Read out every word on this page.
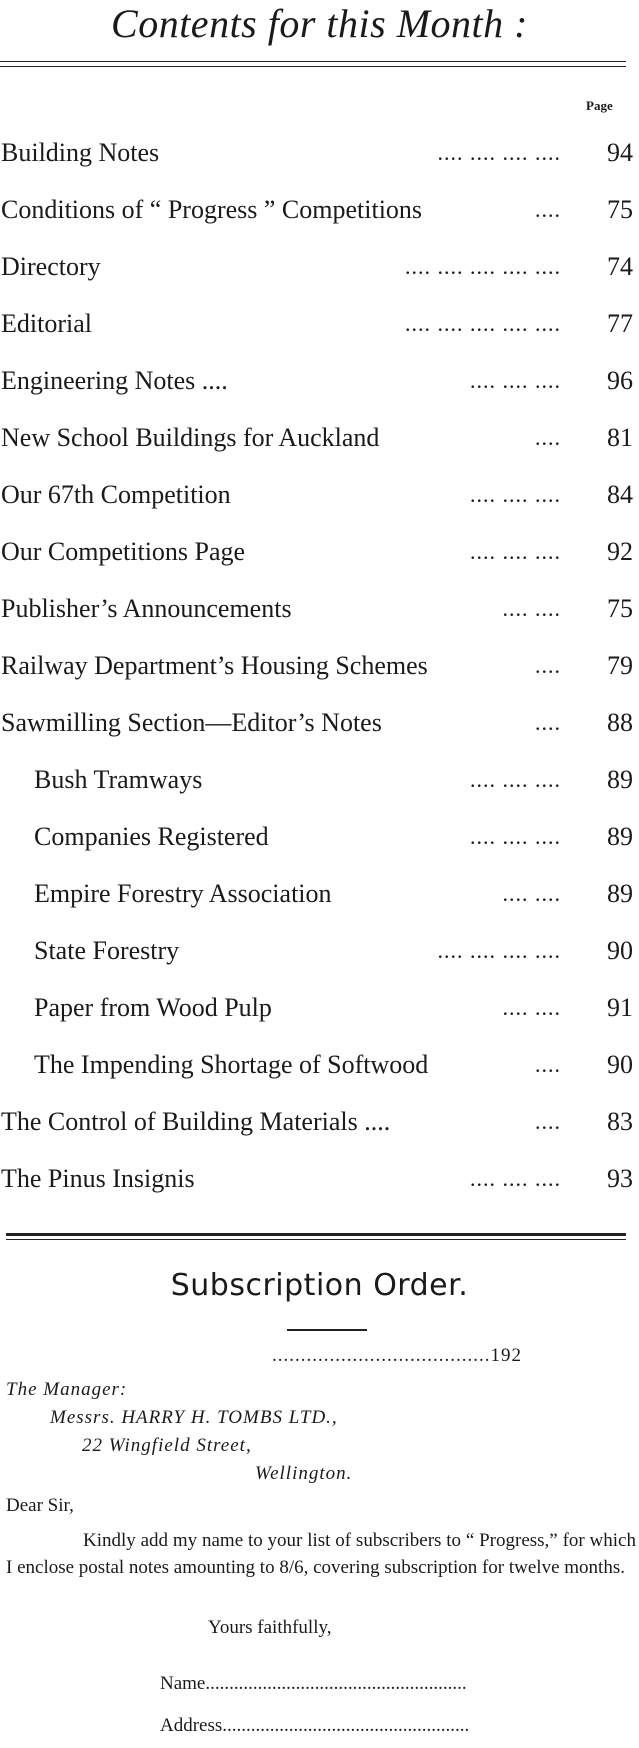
Contents for this Month :
Page
Building Notes	.... .... .... ....	94
Conditions of “ Progress ” Competitions	....	75
Directory	.... .... .... .... ....	74
Editorial	.... .... .... .... ....	77
Engineering Notes ....	.... .... ....	96
New School Buildings for Auckland	....	81
Our 67th Competition	.... .... ....	84
Our Competitions Page	.... .... ....	92
Publisher’s Announcements	.... ....	75
Railway Department’s Housing Schemes	....	79
Sawmilling Section—Editor’s Notes	....	88
Bush Tramways	.... .... ....	89
Companies Registered	.... .... ....	89
Empire Forestry Association	.... ....	89
State Forestry	.... .... .... ....	90
Paper from Wood Pulp	.... ....	91
The Impending Shortage of Softwood	....	90
The Control of Building Materials ....	....	83
The Pinus Insignis	.... .... ....	93
Subscription Order.
......................................192
The Manager:
Messrs. HARRY H. TOMBS LTD.,
22 Wingfield Street,
Wellington.
Dear Sir,

Kindly add my name to your list of subscribers to “ Progress,” for which I enclose postal notes amounting to 8/6, covering subscription for twelve months.

Yours faithfully,
Name.......................................................
Address....................................................
